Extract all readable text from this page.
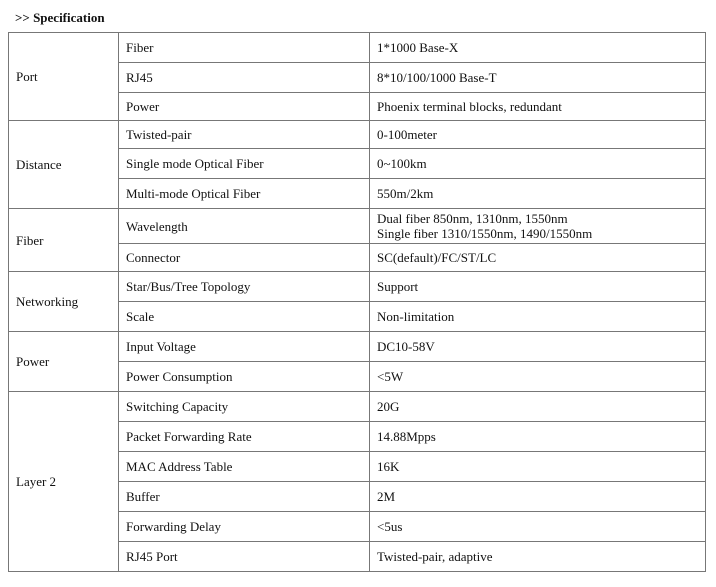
>> Specification
Port	Fiber	1*1000 Base-X
	RJ45	8*10/100/1000 Base-T
	Power	Phoenix terminal blocks, redundant
Distance	Twisted-pair	0-100meter
	Single mode Optical Fiber	0~100km
	Multi-mode Optical Fiber	550m/2km
Fiber	Wavelength	Dual fiber 850nm, 1310nm, 1550nm
Single fiber 1310/1550nm, 1490/1550nm

	Connector	SC(default)/FC/ST/LC
Networking	Star/Bus/Tree Topology	Support
	Scale	Non-limitation
Power	Input Voltage	DC10-58V
	Power Consumption	<5W
Layer 2	Switching Capacity	20G
	Packet Forwarding Rate	14.88Mpps
	MAC Address Table	16K
	Buffer	2M
	Forwarding Delay	<5us
	RJ45 Port	Twisted-pair, adaptive
